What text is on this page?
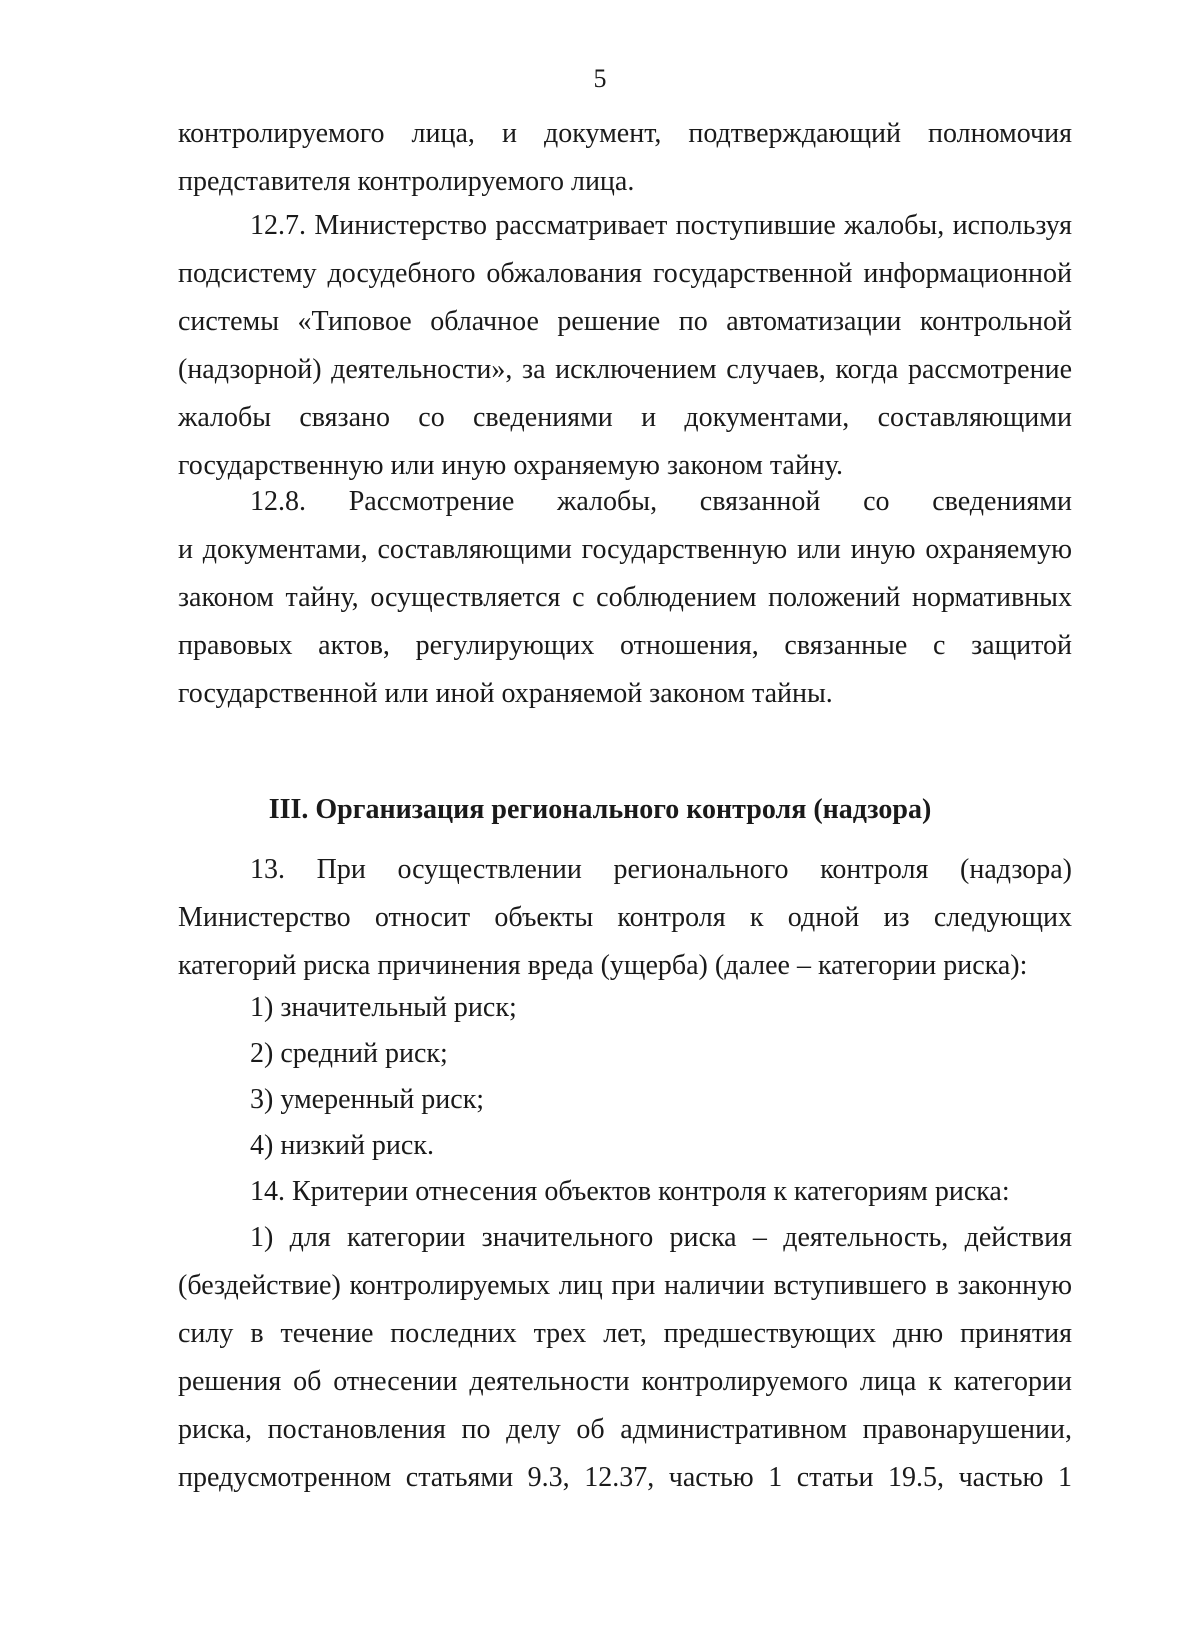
5
контролируемого лица, и документ, подтверждающий полномочия
представителя контролируемого лица.
12.7. Министерство рассматривает поступившие жалобы, используя
подсистему досудебного обжалования государственной информационной
системы «Типовое облачное решение по автоматизации контрольной
(надзорной) деятельности», за исключением случаев, когда рассмотрение
жалобы связано со сведениями и документами, составляющими
государственную или иную охраняемую законом тайну.
12.8. Рассмотрение жалобы, связанной со сведениями
и документами, составляющими государственную или иную охраняемую
законом тайну, осуществляется с соблюдением положений нормативных
правовых актов, регулирующих отношения, связанные с защитой
государственной или иной охраняемой законом тайны.
III. Организация регионального контроля (надзора)
13. При осуществлении регионального контроля (надзора)
Министерство относит объекты контроля к одной из следующих
категорий риска причинения вреда (ущерба) (далее – категории риска):
1) значительный риск;
2) средний риск;
3) умеренный риск;
4) низкий риск.
14. Критерии отнесения объектов контроля к категориям риска:
1) для категории значительного риска – деятельность, действия
(бездействие) контролируемых лиц при наличии вступившего в законную
силу в течение последних трех лет, предшествующих дню принятия
решения об отнесении деятельности контролируемого лица к категории
риска, постановления по делу об административном правонарушении,
предусмотренном статьями 9.3, 12.37, частью 1 статьи 19.5, частью 1
